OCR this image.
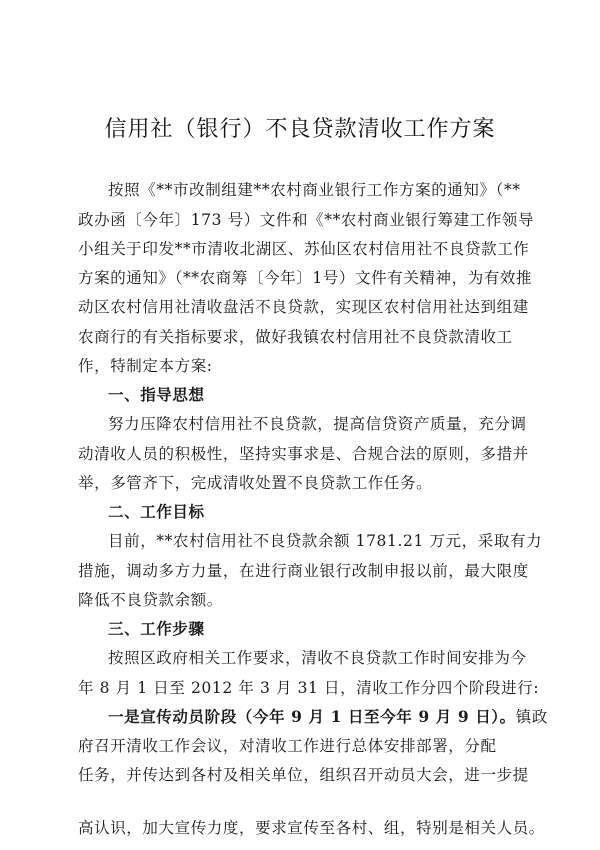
信用社（银行）不良贷款清收工作方案
按照《**市改制组建**农村商业银行工作方案的通知》（**
政办函〔今年〕173 号）文件和《**农村商业银行筹建工作领导
小组关于印发**市清收北湖区、苏仙区农村信用社不良贷款工作
方案的通知》（**农商筹〔今年〕1号）文件有关精神，为有效推
动区农村信用社清收盘活不良贷款，实现区农村信用社达到组建
农商行的有关指标要求，做好我镇农村信用社不良贷款清收工
作，特制定本方案:
一、指导思想
努力压降农村信用社不良贷款，提高信贷资产质量，充分调
动清收人员的积极性，坚持实事求是、合规合法的原则，多措并
举，多管齐下，完成清收处置不良贷款工作任务。
二、工作目标
目前，**农村信用社不良贷款余额 1781.21 万元，采取有力
措施，调动多方力量，在进行商业银行改制申报以前，最大限度
降低不良贷款余额。
三、工作步骤
按照区政府相关工作要求，清收不良贷款工作时间安排为今
年 8 月 1 日至 2012 年 3 月 31 日，清收工作分四个阶段进行:
一是宣传动员阶段（今年 9 月 1 日至今年 9 月 9 日）。镇政
府召开清收工作会议，对清收工作进行总体安排部署，分配
任务，并传达到各村及相关单位，组织召开动员大会，进一步提
高认识，加大宣传力度，要求宣传至各村、组，特别是相关人员。
